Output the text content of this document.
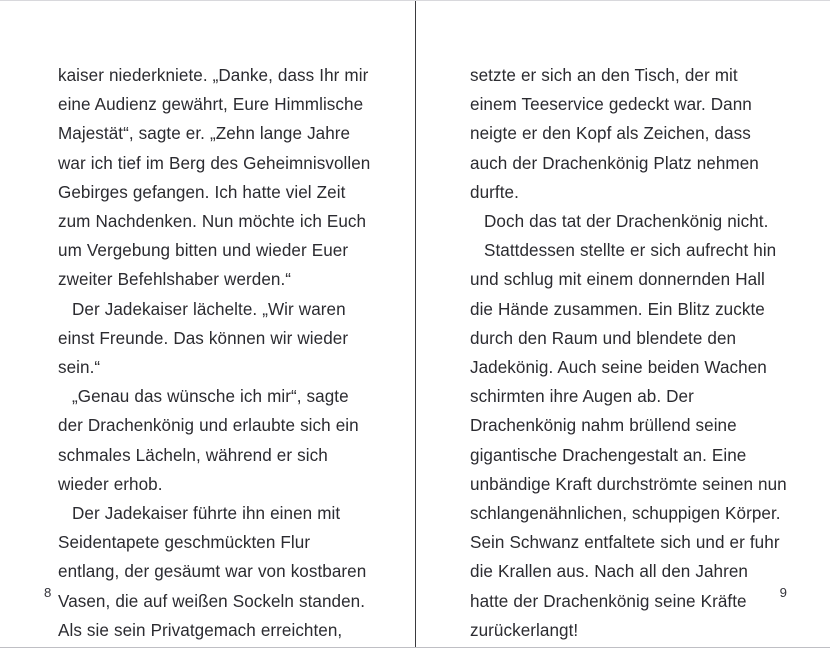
kaiser niederkniete. „Danke, dass Ihr mir eine Audienz gewährt, Eure Himmlische Majestät“, sagte er. „Zehn lange Jahre war ich tief im Berg des Geheimnisvollen Gebirges gefangen. Ich hatte viel Zeit zum Nachdenken. Nun möchte ich Euch um Vergebung bitten und wieder Euer zweiter Befehlshaber werden.“

Der Jadekaiser lächelte. „Wir waren einst Freunde. Das können wir wieder sein.“

„Genau das wünsche ich mir“, sagte der Drachenkönig und erlaubte sich ein schmales Lächeln, während er sich wieder erhob.

Der Jadekaiser führte ihn einen mit Seidentapete geschmückten Flur entlang, der gesäumt war von kostbaren Vasen, die auf weißen Sockeln standen. Als sie sein Privatgemach erreichten,

8

setzte er sich an den Tisch, der mit einem Teeservice gedeckt war. Dann neigte er den Kopf als Zeichen, dass auch der Drachenkönig Platz nehmen durfte.

Doch das tat der Drachenkönig nicht.

Stattdessen stellte er sich aufrecht hin und schlug mit einem donnernden Hall die Hände zusammen. Ein Blitz zuckte durch den Raum und blendete den Jadekönig. Auch seine beiden Wachen schirmten ihre Augen ab. Der Drachenkönig nahm brüllend seine gigantische Drachengestalt an. Eine unbändige Kraft durchströmte seinen nun schlangenähnlichen, schuppigen Körper. Sein Schwanz entfaltete sich und er fuhr die Krallen aus. Nach all den Jahren hatte der Drachenkönig seine Kräfte zurückerlangt!

9
